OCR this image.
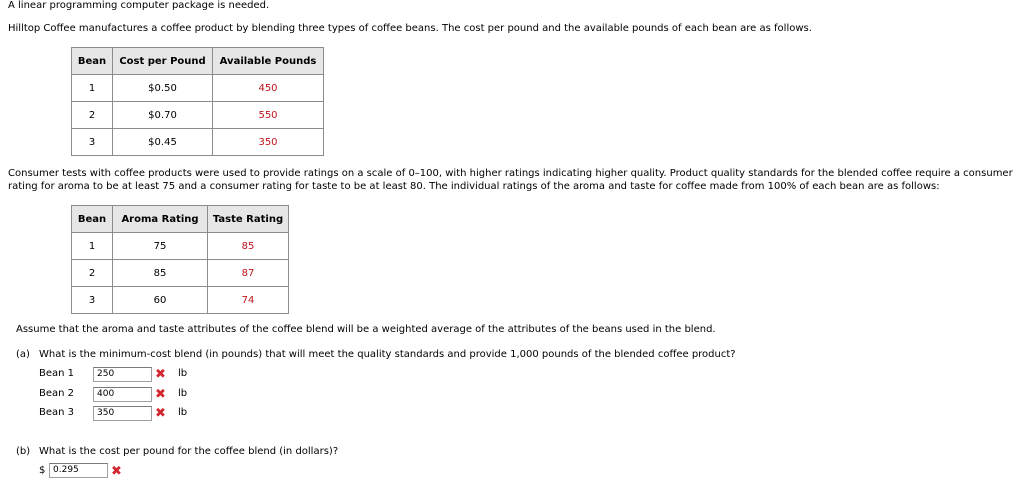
A linear programming computer package is needed.
Hilltop Coffee manufactures a coffee product by blending three types of coffee beans. The cost per pound and the available pounds of each bean are as follows.
Bean	Cost per Pound	Available Pounds
1	$0.50	450
2	$0.70	550
3	$0.45	350
Consumer tests with coffee products were used to provide ratings on a scale of 0–100, with higher ratings indicating higher quality. Product quality standards for the blended coffee require a consumer
rating for aroma to be at least 75 and a consumer rating for taste to be at least 80. The individual ratings of the aroma and taste for coffee made from 100% of each bean are as follows:
Bean	Aroma Rating	Taste Rating
1	75	85
2	85	87
3	60	74
Assume that the aroma and taste attributes of the coffee blend will be a weighted average of the attributes of the beans used in the blend.
(a) What is the minimum-cost blend (in pounds) that will meet the quality standards and provide 1,000 pounds of the blended coffee product?
Bean 1	250	✖ lb
Bean 2	400	✖ lb
Bean 3	350	✖ lb
(b) What is the cost per pound for the coffee blend (in dollars)?
$ 0.295	✖
